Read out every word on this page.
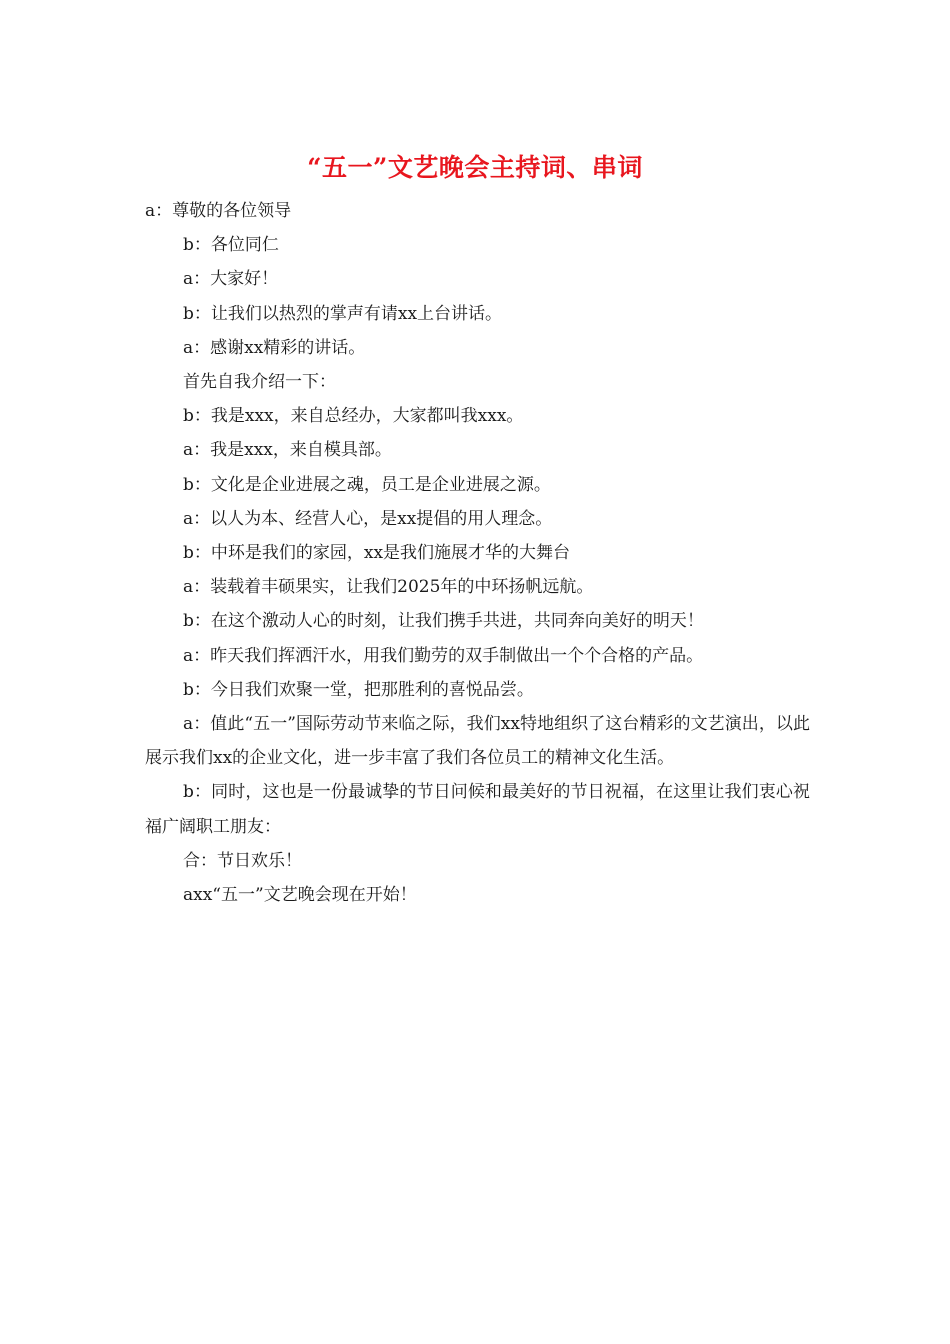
“五一”文艺晚会主持词、串词

a：尊敬的各位领导

b：各位同仁

a：大家好！

b：让我们以热烈的掌声有请xx上台讲话。

a：感谢xx精彩的讲话。

首先自我介绍一下：

b：我是xxx，来自总经办，大家都叫我xxx。

a：我是xxx，来自模具部。

b：文化是企业进展之魂，员工是企业进展之源。

a：以人为本、经营人心，是xx提倡的用人理念。

b：中环是我们的家园，xx是我们施展才华的大舞台

a：装载着丰硕果实，让我们2025年的中环扬帆远航。

b：在这个激动人心的时刻，让我们携手共进，共同奔向美好的明天！

a：昨天我们挥洒汗水，用我们勤劳的双手制做出一个个合格的产品。

b：今日我们欢聚一堂，把那胜利的喜悦品尝。

a：值此“五一”国际劳动节来临之际，我们xx特地组织了这台精彩的文艺演出，以此展示我们xx的企业文化，进一步丰富了我们各位员工的精神文化生活。

b：同时，这也是一份最诚挚的节日问候和最美好的节日祝福，在这里让我们衷心祝福广阔职工朋友：

合：节日欢乐！

axx“五一”文艺晚会现在开始！
